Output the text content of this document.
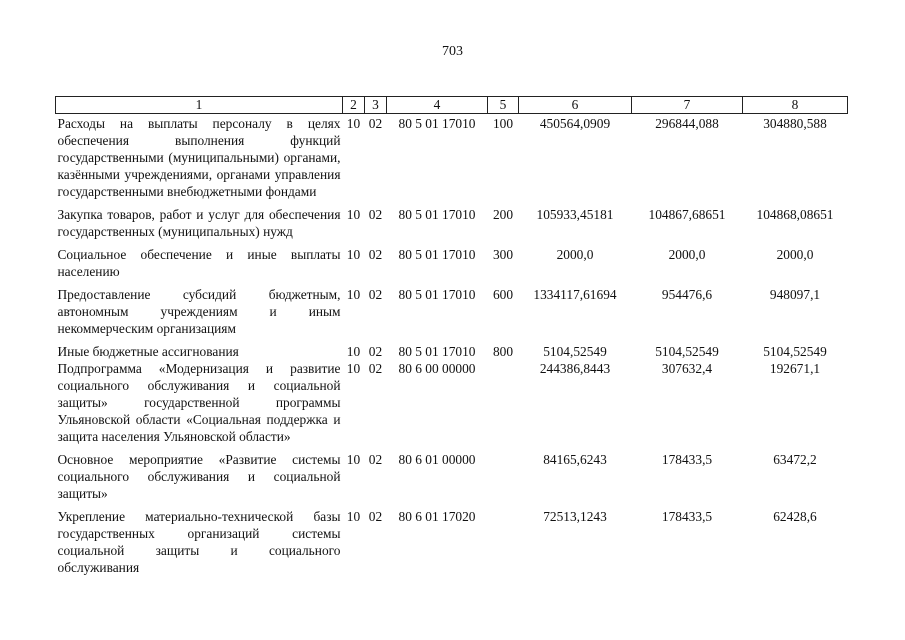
703
1	2	3	4	5	6	7	8

Расходы на выплаты персоналу в целях обеспечения выполнения функций государственными (муниципальными) органами, казёнными учреждениями, органами управления государственными внебюджетными фондами	10	02	80 5 01 17010	100	450564,0909	296844,088	304880,588

Закупка товаров, работ и услуг для обеспечения государственных (муниципальных) нужд	10	02	80 5 01 17010	200	105933,45181	104867,68651	104868,08651

Социальное обеспечение и иные выплаты населению	10	02	80 5 01 17010	300	2000,0	2000,0	2000,0

Предоставление субсидий бюджетным, автономным учреждениям и иным некоммерческим организациям	10	02	80 5 01 17010	600	1334117,61694	954476,6	948097,1

Иные бюджетные ассигнования	10	02	80 5 01 17010	800	5104,52549	5104,52549	5104,52549
Подпрограмма «Модернизация и развитие социального обслуживания и социальной защиты» государственной программы Ульяновской области «Социальная поддержка и защита населения Ульяновской области»	10	02	80 6 00 00000		244386,8443	307632,4	192671,1

Основное мероприятие «Развитие системы социального обслуживания и социальной защиты»	10	02	80 6 01 00000		84165,6243	178433,5	63472,2

Укрепление материально-технической базы государственных организаций системы социальной защиты и социального обслуживания	10	02	80 6 01 17020		72513,1243	178433,5	62428,6
